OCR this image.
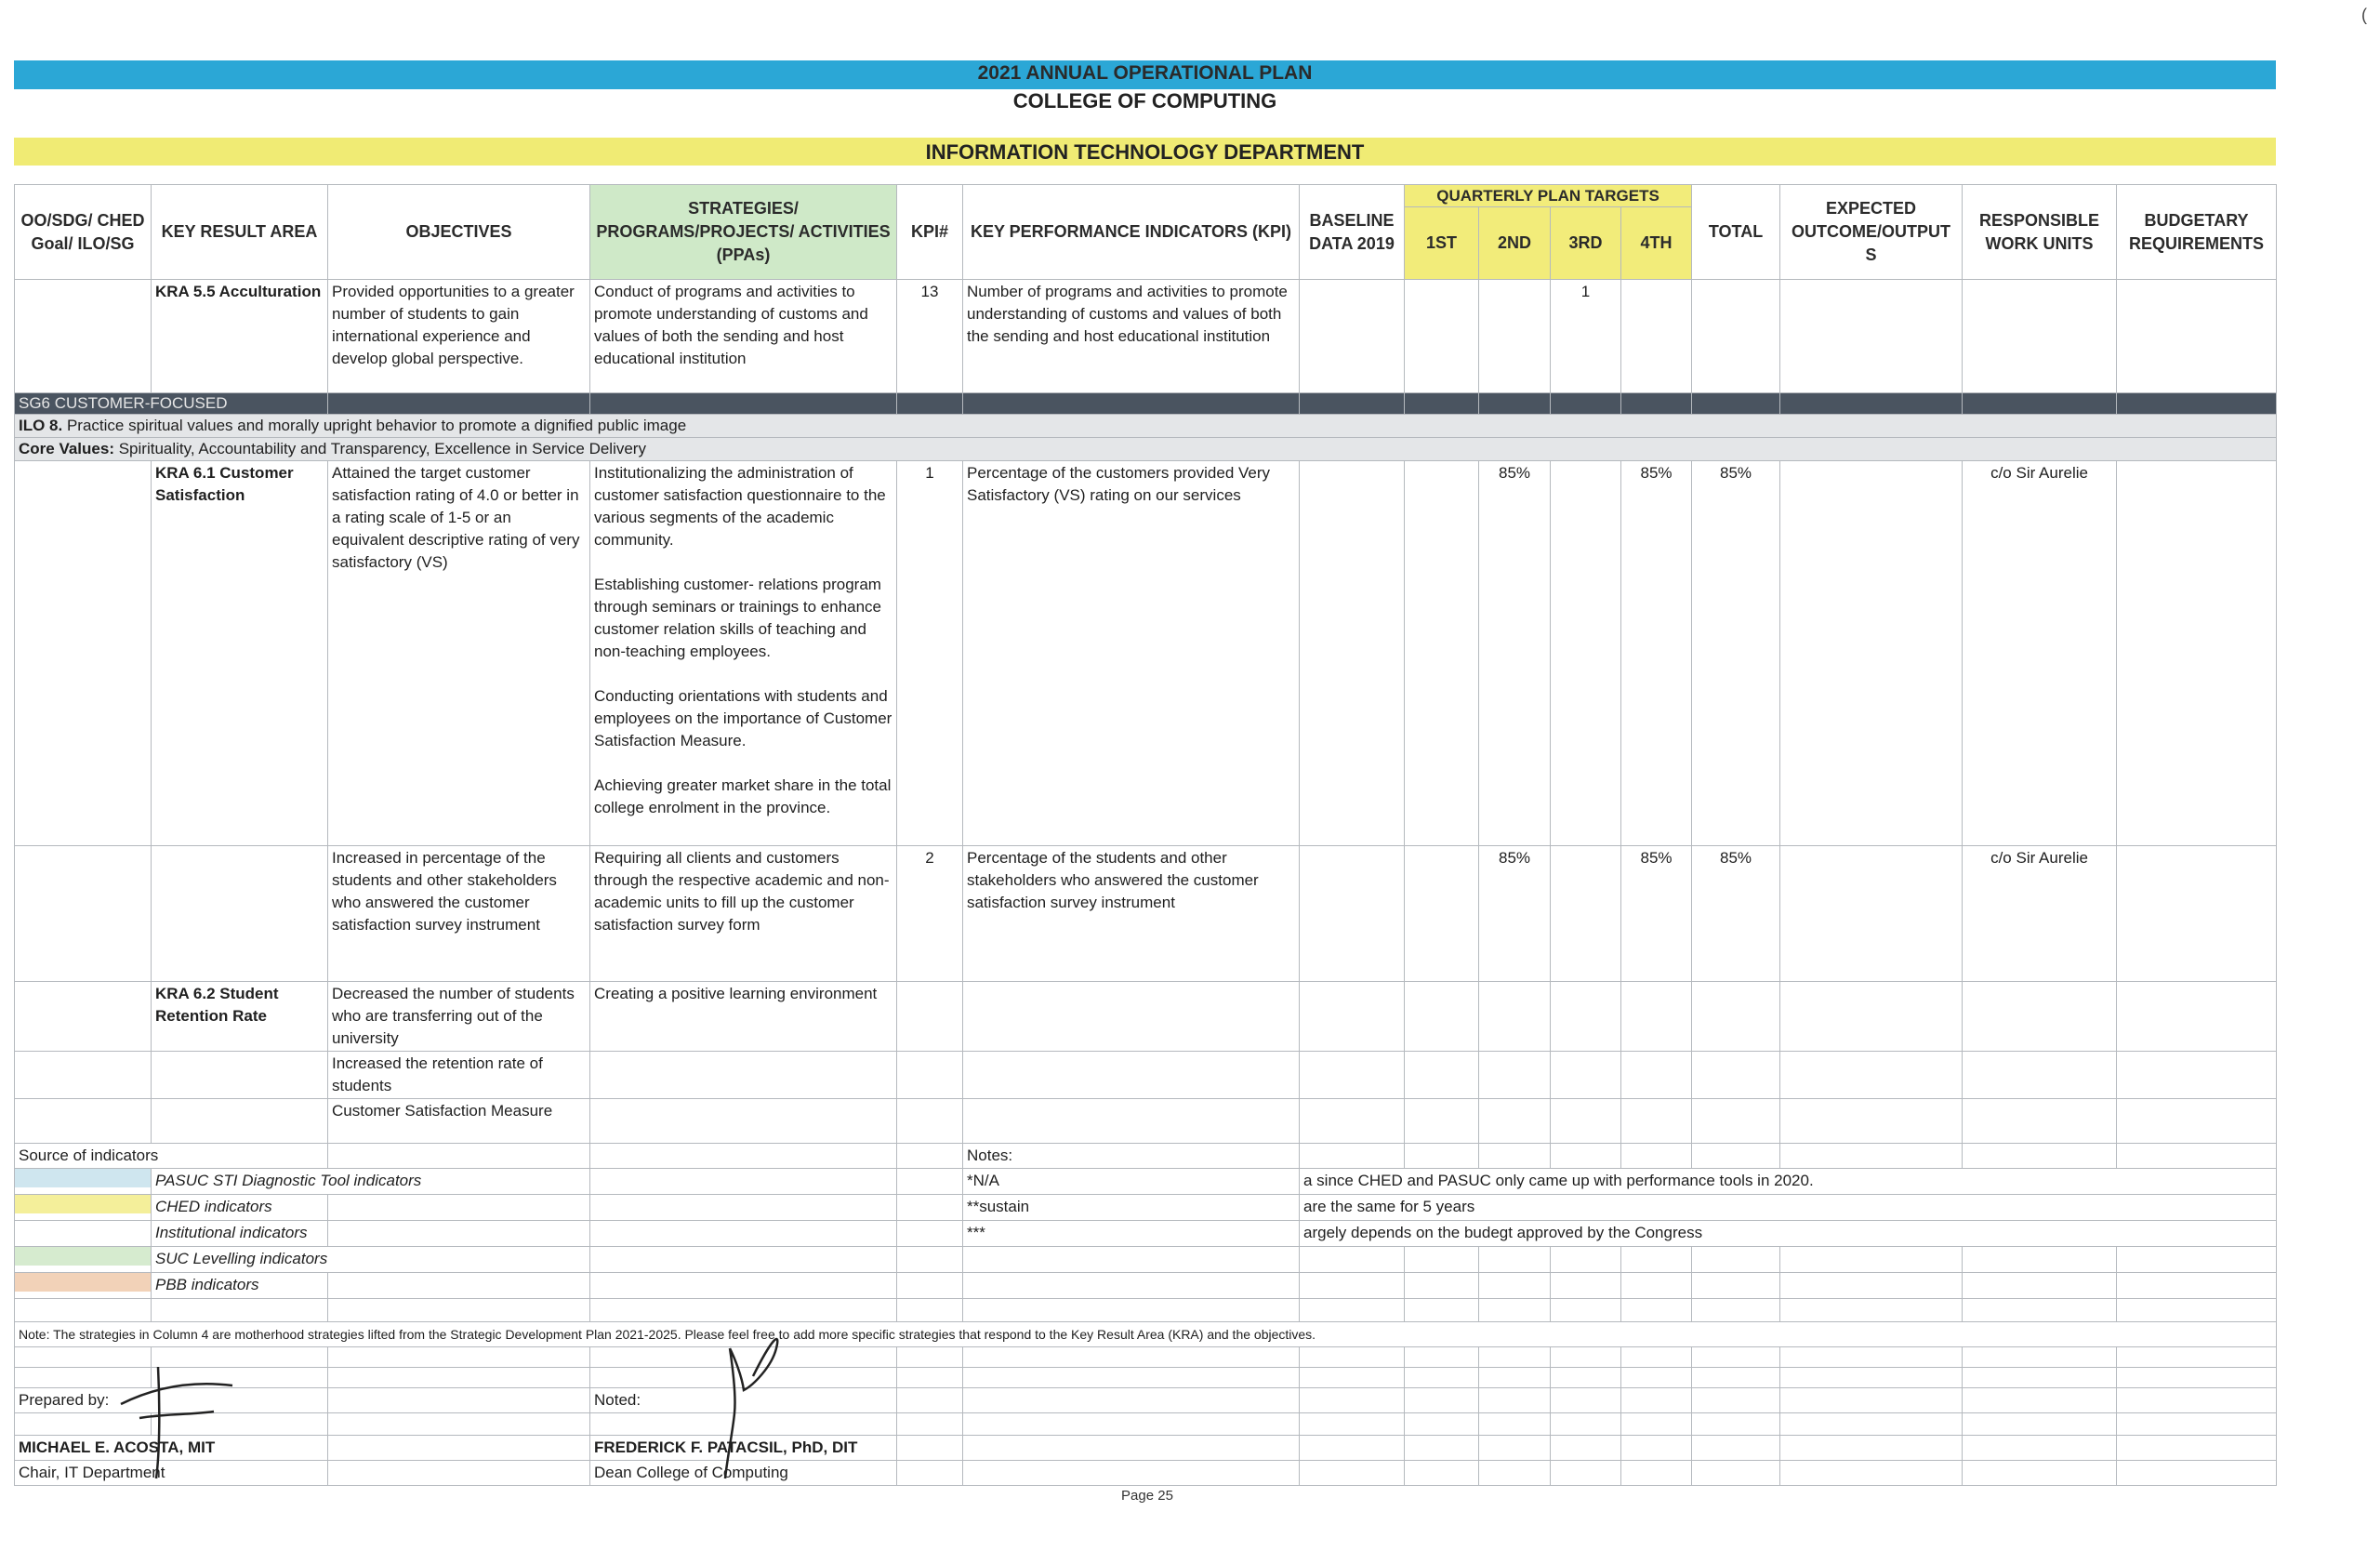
2021 ANNUAL OPERATIONAL PLAN
COLLEGE OF COMPUTING
INFORMATION TECHNOLOGY DEPARTMENT
(
OO/SDG/ CHED Goal/ ILO/SG	KEY RESULT AREA	OBJECTIVES	STRATEGIES/ PROGRAMS/PROJECTS/ ACTIVITIES (PPAs)	KPI#	KEY PERFORMANCE INDICATORS (KPI)	BASELINE DATA 2019	QUARTERLY PLAN TARGETS				TOTAL	EXPECTED OUTCOME/OUTPUT S	RESPONSIBLE WORK UNITS	BUDGETARY REQUIREMENTS
							1ST	2ND	3RD	4TH				
	KRA 5.5 Acculturation	Provided opportunities to a greater number of students to gain international experience and develop global perspective.	Conduct of programs and activities to promote understanding of customs and values of both the sending and host educational institution	13	Number of programs and activities to promote understanding of customs and values of both the sending and host educational institution				1					
SG6 CUSTOMER-FOCUSED														
ILO 8. Practice spiritual values and morally upright behavior to promote a dignified public image														
Core Values: Spirituality, Accountability and Transparency, Excellence in Service Delivery														
	KRA 6.1 Customer Satisfaction	Attained the target customer satisfaction rating of 4.0 or better in a rating scale of 1-5 or an equivalent descriptive rating of very satisfactory (VS)	Institutionalizing the administration of customer satisfaction questionnaire to the various segments of the academic community.

Establishing customer- relations program through seminars or trainings to enhance customer relation skills of teaching and non-teaching employees.

Conducting orientations with students and employees on the importance of Customer Satisfaction Measure.

Achieving greater market share in the total college enrolment in the province.	1	Percentage of the customers provided Very Satisfactory (VS) rating on our services			85%		85%	85%		c/o Sir Aurelie	
		Increased in percentage of the students and other stakeholders who answered the customer satisfaction survey instrument	Requiring all clients and customers through the respective academic and non-academic units to fill up the customer satisfaction survey form	2	Percentage of the students and other stakeholders who answered the customer satisfaction survey instrument			85%		85%	85%		c/o Sir Aurelie	
	KRA 6.2 Student Retention Rate	Decreased the number of students who are transferring out of the university	Creating a positive learning environment											
		Increased the retention rate of students												
		Customer Satisfaction Measure												
Source of indicators					Notes:									
	PASUC STI Diagnostic Tool indicators				*N/A	a since CHED and PASUC only came up with performance tools in 2020.								
	CHED indicators				**sustain	are the same for 5 years								
	Institutional indicators				***	argely depends on the budegt approved by the Congress								
	SUC Levelling indicators													
	PBB indicators													

Note: The strategies in Column 4 are motherhood strategies lifted from the Strategic Development Plan 2021-2025. Please feel free to add more specific strategies that respond to the Key Result Area (KRA) and the objectives.														

Prepared by:			Noted:											

MICHAEL E. ACOSTA, MIT			FREDERICK F. PATACSIL, PhD, DIT											
Chair, IT Department			Dean College of Computing											
Page 25
